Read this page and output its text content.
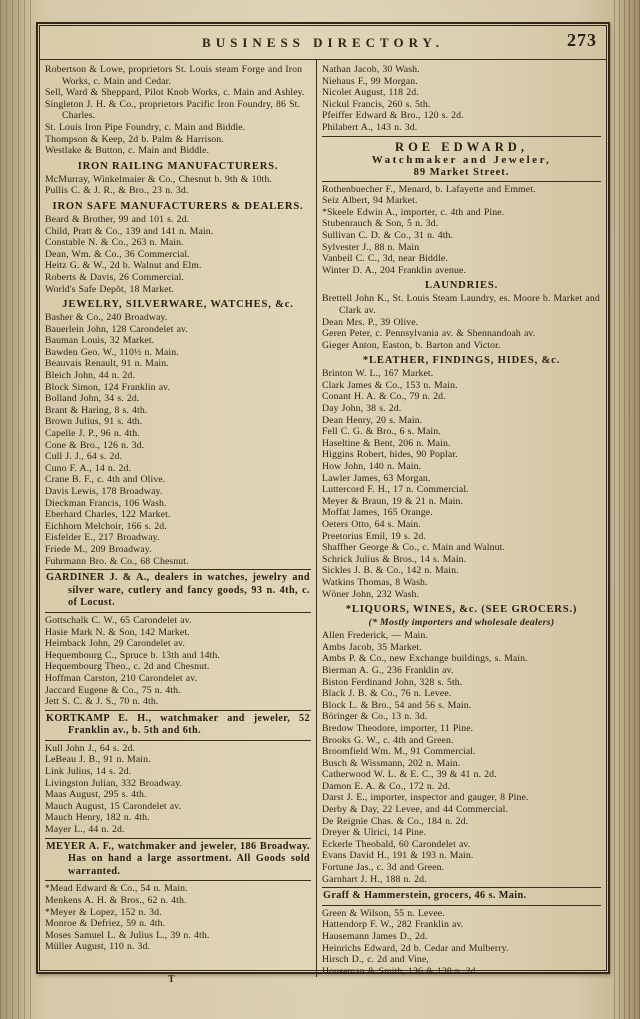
BUSINESS DIRECTORY.	273

Robertson & Lowe, proprietors St. Louis steam Forge and Iron Works, c. Main and Cedar.

Sell, Ward & Sheppard, Pilot Knob Works, c. Main and Ashley.

Singleton J. H. & Co., proprietors Pacific Iron Foundry, 86 St. Charles.

St. Louis Iron Pipe Foundry, c. Main and Biddle.

Thompson & Keep, 2d b. Palm & Harrison.

Westlake & Button, c. Main and Biddle.

IRON RAILING MANUFACTURERS.

McMurray, Winkelmaier & Co., Chesnut b. 9th & 10th.

Pullis C. & J. R., & Bro., 23 n. 3d.

IRON SAFE MANUFACTURERS & DEALERS.

Beard & Brother, 99 and 101 s. 2d.

Child, Pratt & Co., 139 and 141 n. Main.

Constable N. & Co., 263 n. Main.

Dean, Wm. & Co., 36 Commercial.

Heitz G. & W., 2d b. Walnut and Elm.

Roberts & Davis, 26 Commercial.

World's Safe Depôt, 18 Market.

JEWELRY, SILVERWARE, WATCHES, &c.

Basher & Co., 240 Broadway.

Bauerlein John, 128 Carondelet av.

Bauman Louis, 32 Market.

Bawden Geo. W., 110½ n. Main.

Beauvais Renault, 91 n. Main.

Bleich John, 44 n. 2d.

Block Simon, 124 Franklin av.

Bolland John, 34 s. 2d.

Brant & Haring, 8 s. 4th.

Brown Julius, 91 s. 4th.

Capelle J. P., 96 n. 4th.

Cone & Bro., 126 n. 3d.

Cull J. J., 64 s. 2d.

Cuno F. A., 14 n. 2d.

Crane B. F., c. 4th and Olive.

Davis Lewis, 178 Broadway.

Dieckman Francis, 106 Wash.

Eberhard Charles, 122 Market.

Eichhorn Melchoir, 166 s. 2d.

Eisfelder E., 217 Broadway.

Friede M., 209 Broadway.

Fuhrmann Bro. & Co., 68 Chesnut.

GARDINER J. & A., dealers in watches, jewelry and silver ware, cutlery and fancy goods, 93 n. 4th, c. of Locust.

Gottschalk C. W., 65 Carondelet av.

Hasie Mark N. & Son, 142 Market.

Heimback John, 29 Carondelet av.

Hequembourg C., Spruce b. 13th and 14th.

Hequembourg Theo., c. 2d and Chesnut.

Hoffman Carston, 210 Carondelet av.

Jaccard Eugene & Co., 75 n. 4th.

Jett S. C. & J. S., 70 n. 4th.

KORTKAMP E. H., watchmaker and jeweler, 52 Franklin av., b. 5th and 6th.

Kull John J., 64 s. 2d.

LeBeau J. B., 91 n. Main.

Link Julius, 14 s. 2d.

Livingston Julian, 332 Broadway.

Maas August, 295 s. 4th.

Mauch August, 15 Carondelet av.

Mauch Henry, 182 n. 4th.

Mayer L., 44 n. 2d.

MEYER A. F., watchmaker and jeweler, 186 Broadway. Has on hand a large assortment. All Goods sold warranted.

*Mead Edward & Co., 54 n. Main.

Menkens A. H. & Bros., 62 n. 4th.

*Meyer & Lopez, 152 n. 3d.

Monroe & Defriez, 59 n. 4th.

Moses Samuel L. & Julius L., 39 n. 4th.

Müller August, 110 n. 3d.

Nathan Jacob, 30 Wash.

Niehaus F., 99 Morgan.

Nicolet August, 118 2d.

Nickul Francis, 260 s. 5th.

Pfeiffer Edward & Bro., 120 s. 2d.

Philabert A., 143 n. 3d.

ROE EDWARD,

Watchmaker and Jeweler,

89 Market Street.

Rothenbuecher F., Menard, b. Lafayette and Emmet.

Seiz Albert, 94 Market.

*Skeele Edwin A., importer, c. 4th and Pine.

Stubenrauch & Son, 5 n. 3d.

Sullivan C. D. & Co., 31 n. 4th.

Sylvester J., 88 n. Main

Vanbeil C. C., 3d, near Biddle.

Winter D. A., 204 Franklin avenue.

LAUNDRIES.

Brettell John K., St. Louis Steam Laundry, es. Moore b. Market and Clark av.

Dean Mrs. P., 39 Olive.

Geren Peter, c. Pennsylvania av. & Shennandoah av.

Gieger Anton, Easton, b. Barton and Victor.

*LEATHER, FINDINGS, HIDES, &c.

Brinton W. L., 167 Market.

Clark James & Co., 153 n. Main.

Conant H. A. & Co., 79 n. 2d.

Day John, 38 s. 2d.

Dean Henry, 20 s. Main.

Fell C. G. & Bro., 6 s. Main.

Haseltine & Bent, 206 n. Main.

Higgins Robert, hides, 90 Poplar.

How John, 140 n. Main.

Lawler James, 63 Morgan.

Luttercord F. H., 17 n. Commercial.

Meyer & Braun, 19 & 21 n. Main.

Moffat James, 165 Orange.

Oeters Otto, 64 s. Main.

Preetorius Emil, 19 s. 2d.

Shaffher George & Co., c. Main and Walnut.

Schrick Julius & Bros., 14 s. Main.

Sickles J. B. & Co., 142 n. Main.

Watkins Thomas, 8 Wash.

Wöner John, 232 Wash.

*LIQUORS, WINES, &c. (SEE GROCERS.)
(* Mostly importers and wholesale dealers)

Allen Frederick, — Main.

Ambs Jacob, 35 Market.

Ambs P. & Co., new Exchange buildings, s. Main.

Bierman A. G., 236 Franklin av.

Biston Ferdinand John, 328 s. 5th.

Black J. B. & Co., 76 n. Levee.

Block L. & Bro., 54 and 56 s. Main.

Böringer & Co., 13 n. 3d.

Bredow Theodore, importer, 11 Pine.

Brooks G. W., c. 4th and Green.

Broomfield Wm. M., 91 Commercial.

Busch & Wissmann, 202 n. Main.

Catherwood W. L. & E. C., 39 & 41 n. 2d.

Damon E. A. & Co., 172 n. 2d.

Darst J. E., importer, inspector and gauger, 8 Pine.

Derby & Day, 22 Levee, and 44 Commercial.

De Reignie Chas. & Co., 184 n. 2d.

Dreyer & Ulrici, 14 Pine.

Eckerle Theobald, 60 Carondelet av.

Evans David H., 191 & 193 n. Main.

Fortune Jas., c. 3d and Green.

Garnhart J. H., 188 n. 2d.

Graff & Hammerstein, grocers, 46 s. Main.

Green & Wilson, 55 n. Levee.

Hattendorp F. W., 282 Franklin av.

Hausemann James D., 2d.

Heinrichs Edward, 2d b. Cedar and Mulberry.

Hirsch D., c. 2d and Vine,

Houseman & Smith, 136 & 138 n. 2d.

T
